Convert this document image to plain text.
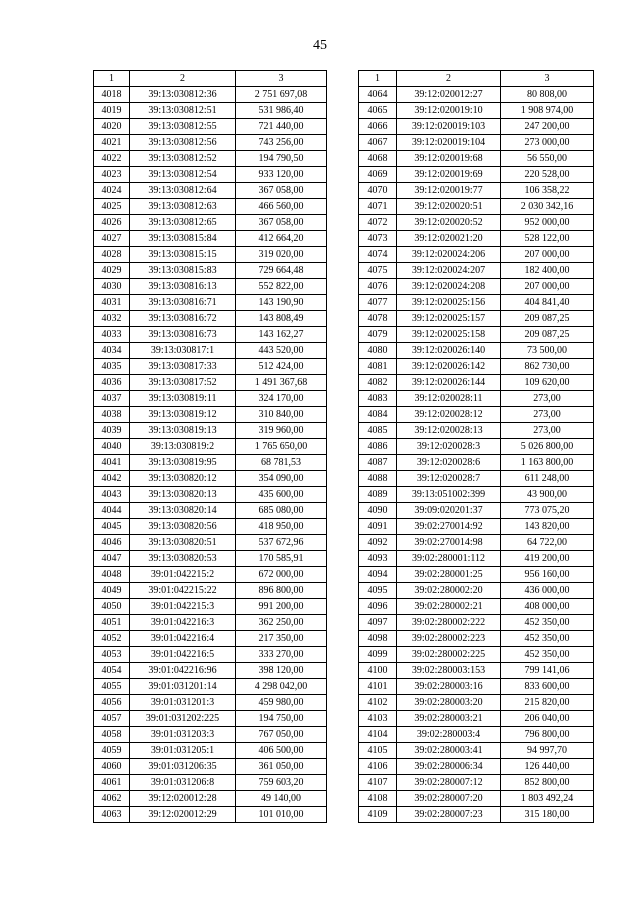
45
1	2	3
4018	39:13:030812:36	2 751 697,08
4019	39:13:030812:51	531 986,40
4020	39:13:030812:55	721 440,00
4021	39:13:030812:56	743 256,00
4022	39:13:030812:52	194 790,50
4023	39:13:030812:54	933 120,00
4024	39:13:030812:64	367 058,00
4025	39:13:030812:63	466 560,00
4026	39:13:030812:65	367 058,00
4027	39:13:030815:84	412 664,20
4028	39:13:030815:15	319 020,00
4029	39:13:030815:83	729 664,48
4030	39:13:030816:13	552 822,00
4031	39:13:030816:71	143 190,90
4032	39:13:030816:72	143 808,49
4033	39:13:030816:73	143 162,27
4034	39:13:030817:1	443 520,00
4035	39:13:030817:33	512 424,00
4036	39:13:030817:52	1 491 367,68
4037	39:13:030819:11	324 170,00
4038	39:13:030819:12	310 840,00
4039	39:13:030819:13	319 960,00
4040	39:13:030819:2	1 765 650,00
4041	39:13:030819:95	68 781,53
4042	39:13:030820:12	354 090,00
4043	39:13:030820:13	435 600,00
4044	39:13:030820:14	685 080,00
4045	39:13:030820:56	418 950,00
4046	39:13:030820:51	537 672,96
4047	39:13:030820:53	170 585,91
4048	39:01:042215:2	672 000,00
4049	39:01:042215:22	896 800,00
4050	39:01:042215:3	991 200,00
4051	39:01:042216:3	362 250,00
4052	39:01:042216:4	217 350,00
4053	39:01:042216:5	333 270,00
4054	39:01:042216:96	398 120,00
4055	39:01:031201:14	4 298 042,00
4056	39:01:031201:3	459 980,00
4057	39:01:031202:225	194 750,00
4058	39:01:031203:3	767 050,00
4059	39:01:031205:1	406 500,00
4060	39:01:031206:35	361 050,00
4061	39:01:031206:8	759 603,20
4062	39:12:020012:28	49 140,00
4063	39:12:020012:29	101 010,00
1	2	3
4064	39:12:020012:27	80 808,00
4065	39:12:020019:10	1 908 974,00
4066	39:12:020019:103	247 200,00
4067	39:12:020019:104	273 000,00
4068	39:12:020019:68	56 550,00
4069	39:12:020019:69	220 528,00
4070	39:12:020019:77	106 358,22
4071	39:12:020020:51	2 030 342,16
4072	39:12:020020:52	952 000,00
4073	39:12:020021:20	528 122,00
4074	39:12:020024:206	207 000,00
4075	39:12:020024:207	182 400,00
4076	39:12:020024:208	207 000,00
4077	39:12:020025:156	404 841,40
4078	39:12:020025:157	209 087,25
4079	39:12:020025:158	209 087,25
4080	39:12:020026:140	73 500,00
4081	39:12:020026:142	862 730,00
4082	39:12:020026:144	109 620,00
4083	39:12:020028:11	273,00
4084	39:12:020028:12	273,00
4085	39:12:020028:13	273,00
4086	39:12:020028:3	5 026 800,00
4087	39:12:020028:6	1 163 800,00
4088	39:12:020028:7	611 248,00
4089	39:13:051002:399	43 900,00
4090	39:09:020201:37	773 075,20
4091	39:02:270014:92	143 820,00
4092	39:02:270014:98	64 722,00
4093	39:02:280001:112	419 200,00
4094	39:02:280001:25	956 160,00
4095	39:02:280002:20	436 000,00
4096	39:02:280002:21	408 000,00
4097	39:02:280002:222	452 350,00
4098	39:02:280002:223	452 350,00
4099	39:02:280002:225	452 350,00
4100	39:02:280003:153	799 141,06
4101	39:02:280003:16	833 600,00
4102	39:02:280003:20	215 820,00
4103	39:02:280003:21	206 040,00
4104	39:02:280003:4	796 800,00
4105	39:02:280003:41	94 997,70
4106	39:02:280006:34	126 440,00
4107	39:02:280007:12	852 800,00
4108	39:02:280007:20	1 803 492,24
4109	39:02:280007:23	315 180,00
